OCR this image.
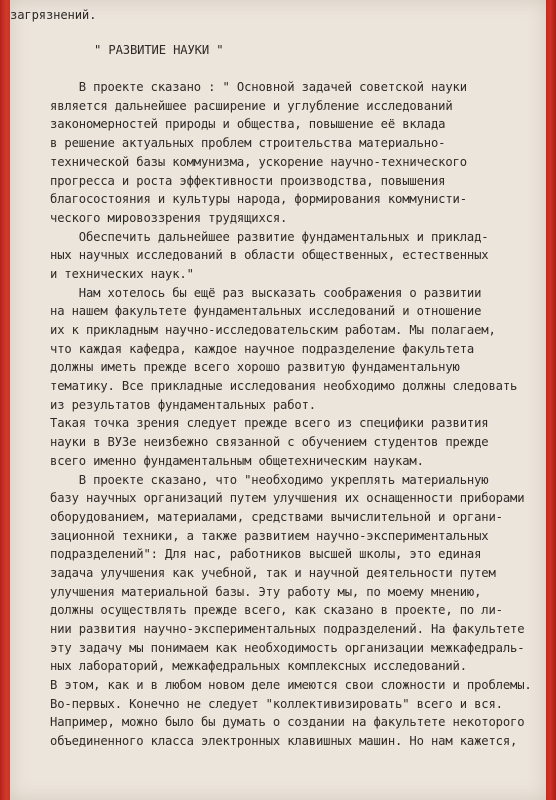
загрязнений.
" РАЗВИТИЕ НАУКИ "
В проекте сказано : " Основной задачей советской науки
является дальнейшее расширение и углубление исследований
закономерностей природы и общества, повышение её вклада
в решение актуальных проблем строительства материально-
технической базы коммунизма, ускорение научно-технического
прогресса и роста эффективности производства, повышения
благосостояния и культуры народа, формирования коммунисти-
ческого мировоззрения трудящихся.
Обеспечить дальнейшее развитие фундаментальных и приклад-
ных научных исследований в области общественных, естественных
и технических наук."
Нам хотелось бы ещё раз высказать соображения о развитии
на нашем факультете фундаментальных исследований и отношение
их к прикладным научно-исследовательским работам. Мы полагаем,
что каждая кафедра, каждое научное подразделение факультета
должны иметь прежде всего хорошо развитую фундаментальную
тематику. Все прикладные исследования необходимо должны следовать
из результатов фундаментальных работ.
Такая точка зрения следует прежде всего из специфики развития
науки в ВУЗе неизбежно связанной с обучением студентов прежде
всего именно фундаментальным общетехническим наукам.
В проекте сказано, что "необходимо укреплять материальную
базу научных организаций путем улучшения их оснащенности приборами
оборудованием, материалами, средствами вычислительной и органи-
зационной техники, а также развитием научно-экспериментальных
подразделений": Для нас, работников высшей школы, это единая
задача улучшения как учебной, так и научной деятельности путем
улучшения материальной базы. Эту работу мы, по моему мнению,
должны осуществлять прежде всего, как сказано в проекте, по ли-
нии развития научно-экспериментальных подразделений. На факультете
эту задачу мы понимаем как необходимость организации межкафедраль-
ных лабораторий, межкафедральных комплексных исследований.
В этом, как и в любом новом деле имеются свои сложности и проблемы.
Во-первых. Конечно не следует "коллективизировать" всего и вся.
Например, можно было бы думать о создании на факультете некоторого
объединенного класса электронных клавишных машин. Но нам кажется,
